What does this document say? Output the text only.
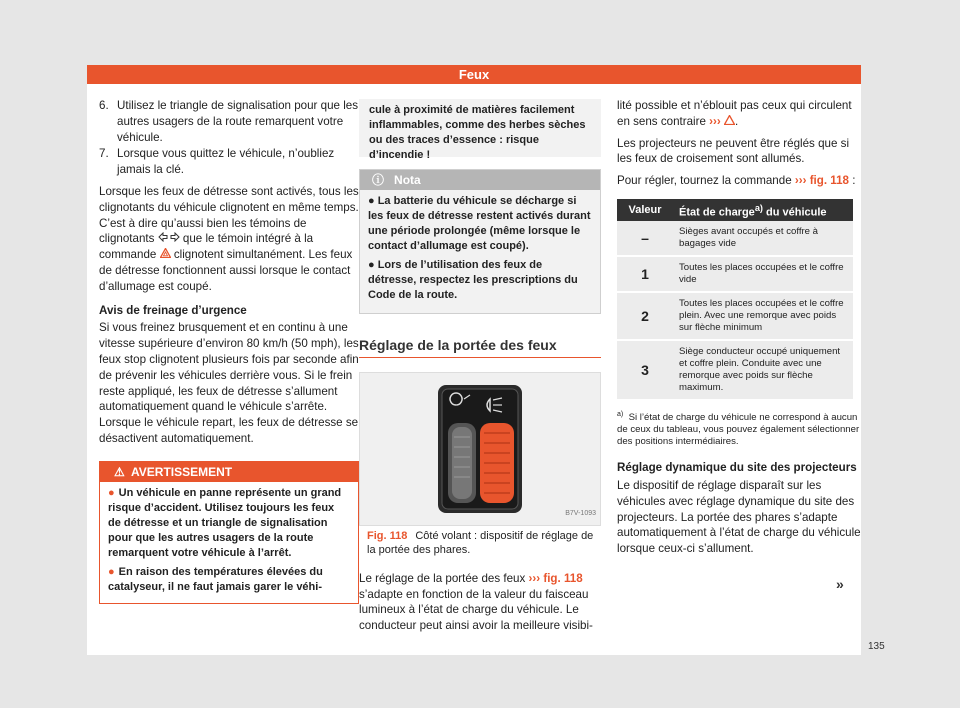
Feux
6. Utilisez le triangle de signalisation pour que les autres usagers de la route remarquent votre véhicule.
7. Lorsque vous quittez le véhicule, n’oubliez jamais la clé.

Lorsque les feux de détresse sont activés, tous les clignotants du véhicule clignotent en même temps. C’est à dire qu’aussi bien les témoins de clignotants que le témoin intégré à la commande clignotent simultanément. Les feux de détresse fonctionnent aussi lorsque le contact d’allumage est coupé.

Avis de freinage d’urgence

Si vous freinez brusquement et en continu à une vitesse supérieure d’environ 80 km/h (50 mph), les feux stop clignotent plusieurs fois par seconde afin de prévenir les véhicules derrière vous. Si le frein reste appliqué, les feux de détresse s’allument automatiquement quand le véhicule s’arrête. Lorsque le véhicule repart, les feux de détresse se désactivent automatiquement.

⚠ AVERTISSEMENT
● Un véhicule en panne représente un grand risque d’accident. Utilisez toujours les feux de détresse et un triangle de signalisation pour que les autres usagers de la route remarquent votre véhicule à l’arrêt.
● En raison des températures élevées du catalyseur, il ne faut jamais garer le véhi-
cule à proximité de matières facilement inflammables, comme des herbes sèches ou des traces d’essence : risque d’incendie !
ⓘ Nota
● La batterie du véhicule se décharge si les feux de détresse restent activés durant une période prolongée (même lorsque le contact d’allumage est coupé).
● Lors de l’utilisation des feux de détresse, respectez les prescriptions du Code de la route.
Réglage de la portée des feux
B7V-1093
Fig. 118 Côté volant : dispositif de réglage de la portée des phares.

Le réglage de la portée des feux ››› fig. 118 s’adapte en fonction de la valeur du faisceau lumineux à l’état de charge du véhicule. Le conducteur peut ainsi avoir la meilleure visibi-

lité possible et n’éblouit pas ceux qui circulent en sens contraire ››› .

Les projecteurs ne peuvent être réglés que si les feux de croisement sont allumés.

Pour régler, tournez la commande ››› fig. 118 :

Valeur	État de charge$^{a)}$ du véhicule
–	Sièges avant occupés et coffre à bagages vide
1	Toutes les places occupées et le coffre vide
2	Toutes les places occupées et le coffre plein. Avec une remorque avec poids sur flèche minimum
3	Siège conducteur occupé uniquement et coffre plein. Conduite avec une remorque avec poids sur flèche maximum.
$^{a)}$ Si l’état de charge du véhicule ne correspond à aucun de ceux du tableau, vous pouvez également sélectionner des positions intermédiaires.
Réglage dynamique du site des projecteurs

Le dispositif de réglage disparaît sur les véhicules avec réglage dynamique du site des projecteurs. La portée des phares s’adapte automatiquement à l’état de charge du véhicule lorsque ceux-ci s’allument.

»
135
